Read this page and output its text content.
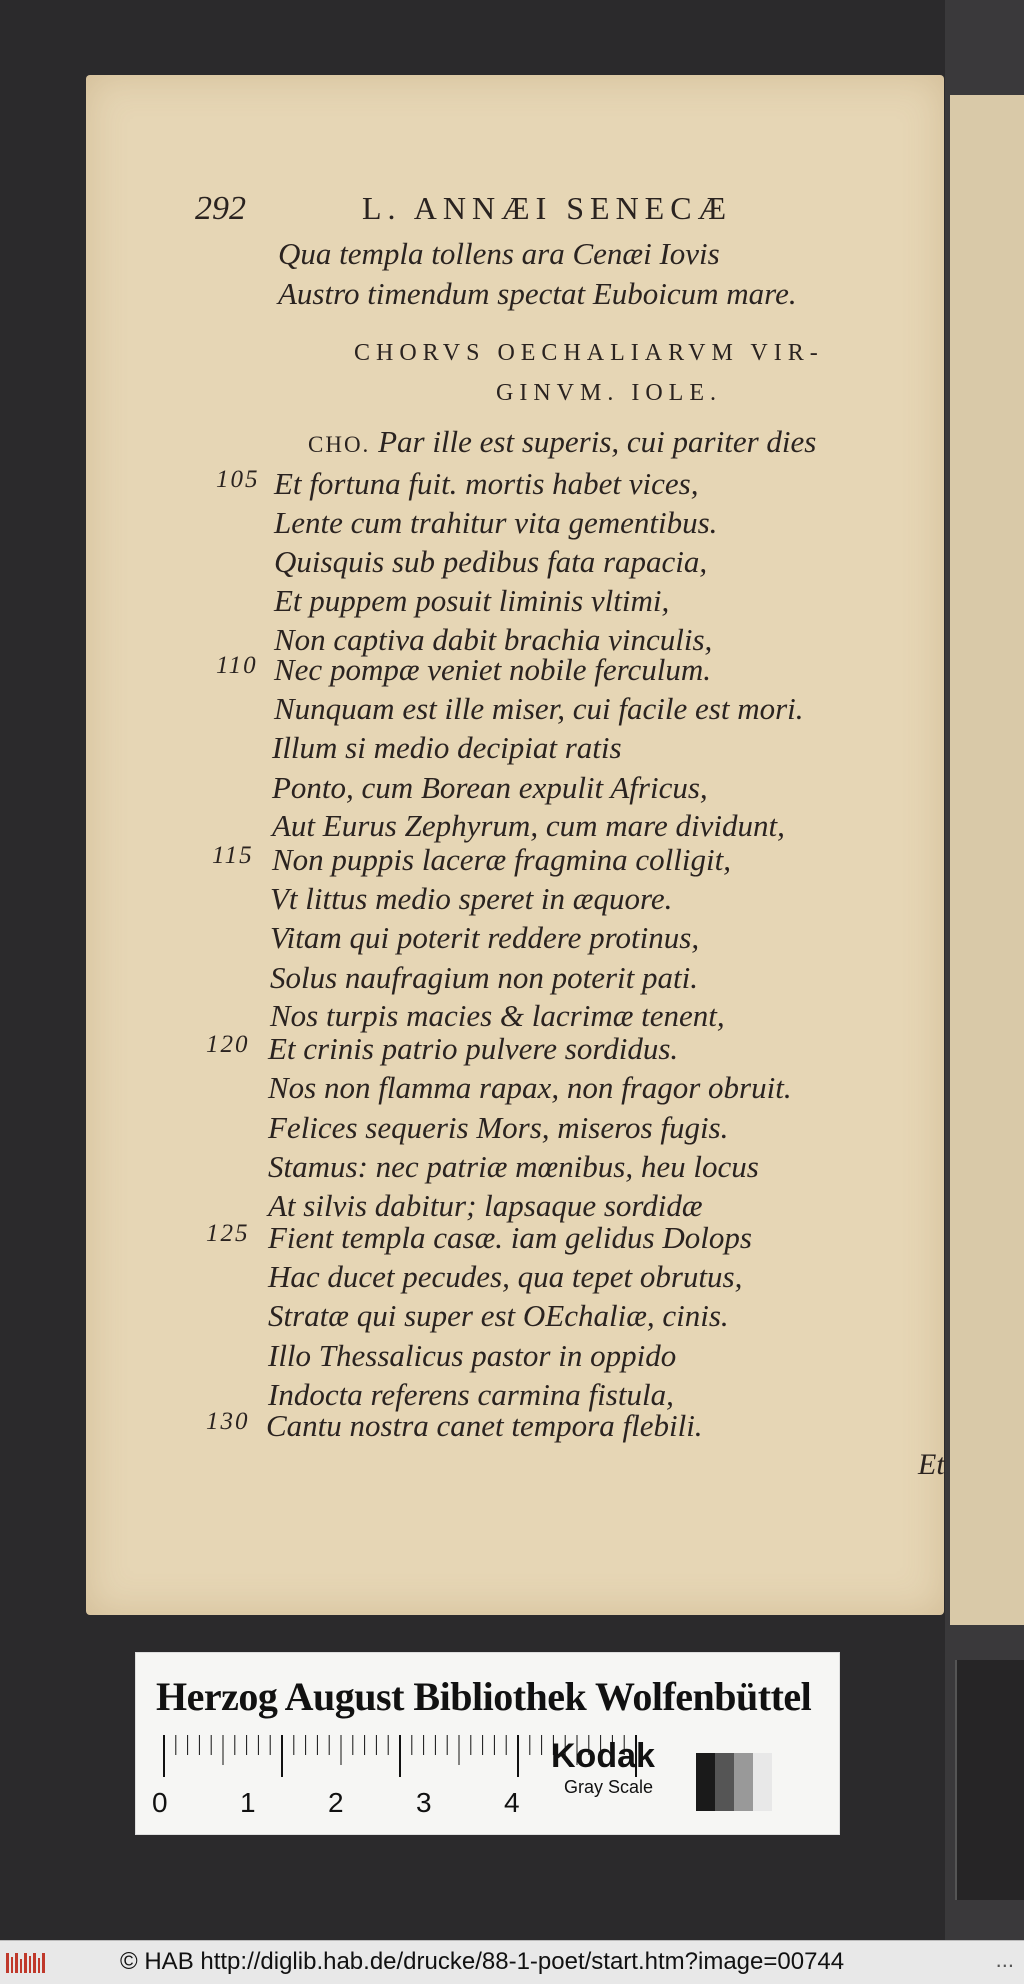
292	L. ANNÆI SENECÆ
Qua templa tollens ara Cenæi Iovis
Austro timendum spectat Euboicum mare.
CHORVS OECHALIARVM VIR-
GINVM. IOLE.
CHO. Par ille est superis, cui pariter dies
Et fortuna fuit. mortis habet vices,
Lente cum trahitur vita gementibus.
Quisquis sub pedibus fata rapacia,
Et puppem posuit liminis vltimi,
Non captiva dabit brachia vinculis,
Nec pompæ veniet nobile ferculum.
Nunquam est ille miser, cui facile est mori.
Illum si medio decipiat ratis
Ponto, cum Borean expulit Africus,
Aut Eurus Zephyrum, cum mare dividunt,
Non puppis laceræ fragmina colligit,
Vt littus medio speret in æquore.
Vitam qui poterit reddere protinus,
Solus naufragium non poterit pati.
Nos turpis macies & lacrimæ tenent,
Et crinis patrio pulvere sordidus.
Nos non flamma rapax, non fragor obruit.
Felices sequeris Mors, miseros fugis.
Stamus: nec patriæ mœnibus, heu locus
At silvis dabitur; lapsaque sordidæ
Fient templa casæ. iam gelidus Dolops
Hac ducet pecudes, qua tepet obrutus,
Stratæ qui super est OEchaliæ, cinis.
Illo Thessalicus pastor in oppido
Indocta referens carmina fistula,
Cantu nostra canet tempora flebili.
105
110
115
120
125
130
Et
Herzog August Bibliothek Wolfenbüttel
0	1	2	3	4
Kodak
Gray Scale
© HAB http://diglib.hab.de/drucke/88-1-poet/start.htm?image=00744	...
